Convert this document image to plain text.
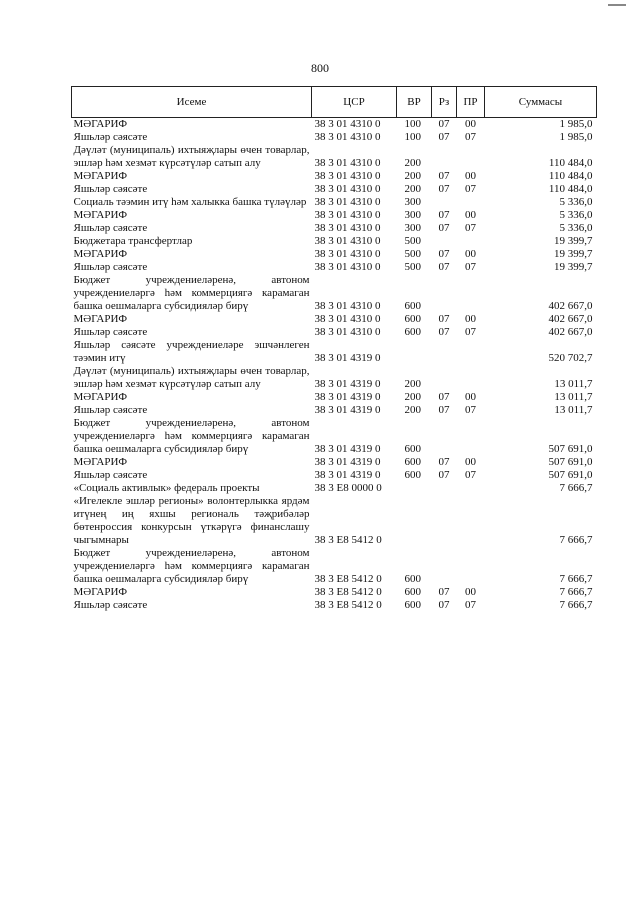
800
Исеме	ЦСР	ВР	Рз	ПР	Суммасы
МӘГАРИФ	38 3 01 4310 0	100	07	00	1 985,0
Яшьләр сәясәте	38 3 01 4310 0	100	07	07	1 985,0
Дәүләт (муниципаль) ихтыяҗлары өчен товарлар, эшләр һәм хезмәт күрсәтүләр сатып алу	38 3 01 4310 0	200			110 484,0
МӘГАРИФ	38 3 01 4310 0	200	07	00	110 484,0
Яшьләр сәясәте	38 3 01 4310 0	200	07	07	110 484,0
Социаль тәэмин итү һәм халыкка башка түләүләр	38 3 01 4310 0	300			5 336,0
МӘГАРИФ	38 3 01 4310 0	300	07	00	5 336,0
Яшьләр сәясәте	38 3 01 4310 0	300	07	07	5 336,0
Бюджетара трансфертлар	38 3 01 4310 0	500			19 399,7
МӘГАРИФ	38 3 01 4310 0	500	07	00	19 399,7
Яшьләр сәясәте	38 3 01 4310 0	500	07	07	19 399,7
Бюджет учреждениеләренә, автоном учреждениеләргә һәм коммерциягә карамаган башка оешмаларга субсидияләр бирү	38 3 01 4310 0	600			402 667,0
МӘГАРИФ	38 3 01 4310 0	600	07	00	402 667,0
Яшьләр сәясәте	38 3 01 4310 0	600	07	07	402 667,0
Яшьләр сәясәте учреждениеләре эшчәнлеген тәэмин итү	38 3 01 4319 0				520 702,7
Дәүләт (муниципаль) ихтыяҗлары өчен товарлар, эшләр һәм хезмәт күрсәтүләр сатып алу	38 3 01 4319 0	200			13 011,7
МӘГАРИФ	38 3 01 4319 0	200	07	00	13 011,7
Яшьләр сәясәте	38 3 01 4319 0	200	07	07	13 011,7
Бюджет учреждениеләренә, автоном учреждениеләргә һәм коммерциягә карамаган башка оешмаларга субсидияләр бирү	38 3 01 4319 0	600			507 691,0
МӘГАРИФ	38 3 01 4319 0	600	07	00	507 691,0
Яшьләр сәясәте	38 3 01 4319 0	600	07	07	507 691,0
«Социаль активлык» федераль проекты	38 3 E8 0000 0				7 666,7
«Игелекле эшләр регионы» волонтерлыкка ярдәм итүнең иң яхшы региональ тәҗрибәләр бөтенроссия конкурсын үткәрүгә финанслашу чыгымнары	38 3 E8 5412 0				7 666,7
Бюджет учреждениеләренә, автоном учреждениеләргә һәм коммерциягә карамаган башка оешмаларга субсидияләр бирү	38 3 E8 5412 0	600			7 666,7
МӘГАРИФ	38 3 E8 5412 0	600	07	00	7 666,7
Яшьләр сәясәте	38 3 E8 5412 0	600	07	07	7 666,7
